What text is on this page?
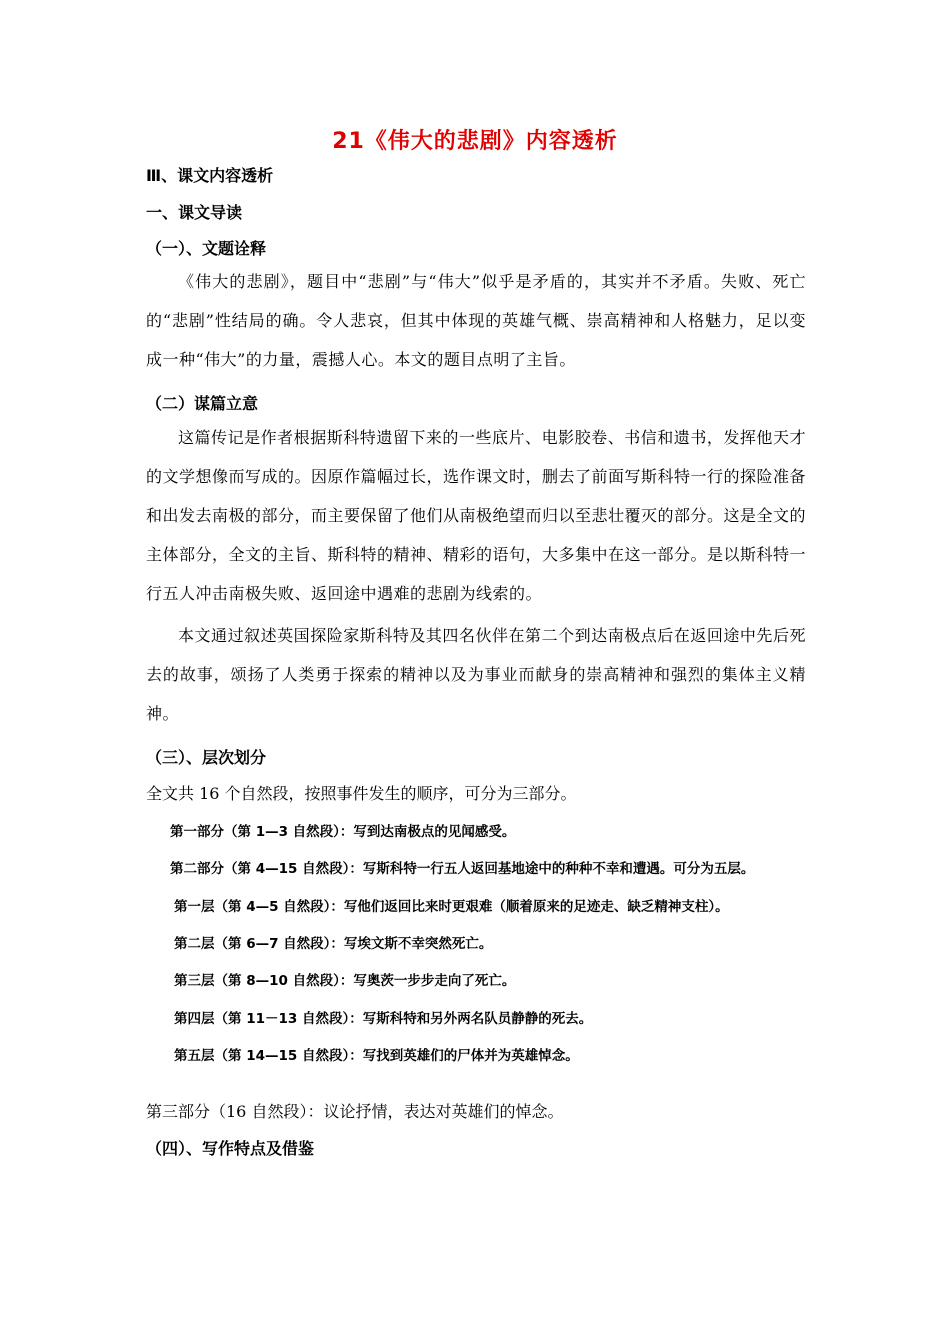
21《伟大的悲剧》内容透析
Ⅲ、课文内容透析
一、课文导读
（一）、文题诠释
《伟大的悲剧》，题目中“悲剧”与“伟大”似乎是矛盾的，其实并不矛盾。失败、死亡的“悲剧”性结局的确。令人悲哀，但其中体现的英雄气概、崇高精神和人格魅力，足以变成一种“伟大”的力量，震撼人心。本文的题目点明了主旨。
（二）谋篇立意
这篇传记是作者根据斯科特遗留下来的一些底片、电影胶卷、书信和遗书，发挥他天才的文学想像而写成的。因原作篇幅过长，选作课文时，删去了前面写斯科特一行的探险准备和出发去南极的部分，而主要保留了他们从南极绝望而归以至悲壮覆灭的部分。这是全文的主体部分，全文的主旨、斯科特的精神、精彩的语句，大多集中在这一部分。是以斯科特一行五人冲击南极失败、返回途中遇难的悲剧为线索的。
本文通过叙述英国探险家斯科特及其四名伙伴在第二个到达南极点后在返回途中先后死去的故事，颂扬了人类勇于探索的精神以及为事业而献身的崇高精神和强烈的集体主义精神。
（三）、层次划分
全文共 16 个自然段，按照事件发生的顺序，可分为三部分。
第一部分（第 1—3 自然段）：写到达南极点的见闻感受。
第二部分（第 4—15 自然段）：写斯科特一行五人返回基地途中的种种不幸和遭遇。可分为五层。
第一层（第 4—5 自然段）：写他们返回比来时更艰难（顺着原来的足迹走、缺乏精神支柱）。
第二层（第 6—7 自然段）：写埃文斯不幸突然死亡。
第三层（第 8—10 自然段）：写奥茨一步步走向了死亡。
第四层（第 11－13 自然段）：写斯科特和另外两名队员静静的死去。
第五层（第 14—15 自然段）：写找到英雄们的尸体并为英雄悼念。
第三部分（16 自然段）：议论抒情，表达对英雄们的悼念。
（四）、写作特点及借鉴
